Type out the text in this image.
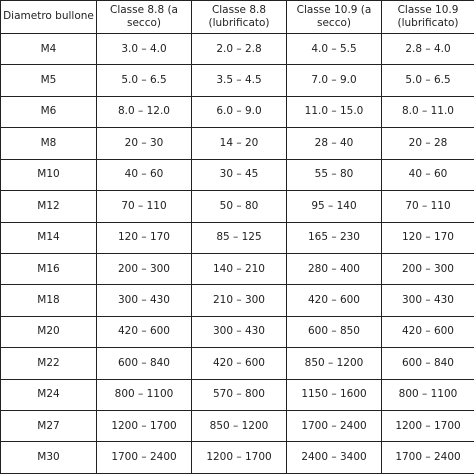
Diametro bullone	Classe 8.8 (a secco)	Classe 8.8 (lubrificato)	Classe 10.9 (a secco)	Classe 10.9 (lubrificato)
M4	3.0 – 4.0	2.0 – 2.8	4.0 – 5.5	2.8 – 4.0
M5	5.0 – 6.5	3.5 – 4.5	7.0 – 9.0	5.0 – 6.5
M6	8.0 – 12.0	6.0 – 9.0	11.0 – 15.0	8.0 – 11.0
M8	20 – 30	14 – 20	28 – 40	20 – 28
M10	40 – 60	30 – 45	55 – 80	40 – 60
M12	70 – 110	50 – 80	95 – 140	70 – 110
M14	120 – 170	85 – 125	165 – 230	120 – 170
M16	200 – 300	140 – 210	280 – 400	200 – 300
M18	300 – 430	210 – 300	420 – 600	300 – 430
M20	420 – 600	300 – 430	600 – 850	420 – 600
M22	600 – 840	420 – 600	850 – 1200	600 – 840
M24	800 – 1100	570 – 800	1150 – 1600	800 – 1100
M27	1200 – 1700	850 – 1200	1700 – 2400	1200 – 1700
M30	1700 – 2400	1200 – 1700	2400 – 3400	1700 – 2400
